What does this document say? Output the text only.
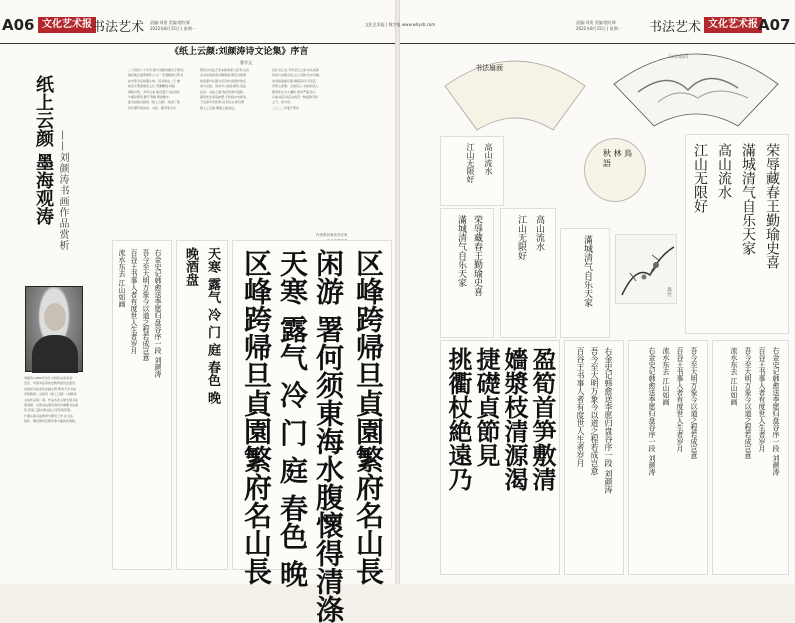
A06 文化艺术报 书法艺术 责编:刘贵 美编:殷红辉
2022年8月15日 | 星期一
纸上云颜 墨海观涛 ——刘颜涛书画作品赏析
刘颜涛,1962年出生,中国书法家协会
会员、中国书法家协会教育委员会委员,
河南省书法家协会副主席,郑州大学书法
学院教授。出版有《纸上云颜》《刘颜涛
书法作品集》等。作品多次入展全国书法
篆刻展、全国书法展及国内外重要书法展
览,获第三届中国书法兰亭奖等奖项。
长期从事书法教育与研究工作,在书法
创作、理论研究及教学等方面均有建树。
《纸上云颜:刘颜涛诗文论集》序言
曹学文
二十世纪八十年代,我与刘颜涛相识于郑州。
彼时他正值青春年少,以一手清雅的行草书
在中原书坛崭露头角。其书取法二王,兼
收宋元明清诸家之长,笔墨精到,风格
清新自然。多年以来,他沉潜于书法创作
与理论研究,勤于笔耕,著述颇丰。
此次结集出版的《纸上云颜》,收录了他
历年撰写的诗词、书论、随笔等文字,
既有对书法艺术本体的深入思考,也有
对书坛现象的冷静观察;既有对前贤
的追慕与礼赞,也有对自身创作的反
省与总结。读来令人如沐春风,受益
良多。书法之道,贵在传承与创新。
颜涛先生深谙此理,于传统中求新变,
于法度中见性情,其书其文,皆可谓
纸上之云颜,墨海之波涛也。
其论书之文,不作空泛之谈,多从具体
作品与实践出发,言之有物,切中肯綮。
诗词则清丽可诵,情真意切,可见其
学养之深厚。文如其人,书亦如其人,
颜涛先生为人谦和,治学严谨,待人
以诚,故其书其文皆有一种温润平和
之气。是为序。
二〇二二年夏于郑州
作者系河南省书法家

右金史记韩愈送李愿归盘谷序一段 刘颜涛
吾今至大明万象今以道之程若成岂意
百谷王书事人者有度世人生者岁月
流水东去 江山如画	天寒 露气 冷 门 庭 春色 晚
晚酒盘	区峰跨帰旦貞園繁府名山長
闲游 署何须東海水腹懷得清涤
天寒 露气 冷 门 庭 春色 晚
区峰跨帰旦貞園繁府名山長
责编:刘贵 美编:殷红辉
2022年8月15日 | 星期一 书法艺术 文化艺术报 A07
文化艺术报 | 数字报 www.whysb.com
书法扇面
山水扇面
高山流水
江山无限好	秋 林 鳥 語
荣辱藏春王勤瑜史喜
滿城清气自乐天家	高山流水
江山无限好	滿城清气自乐天家	墨竹
荣辱藏春王勤瑜史喜
滿城清气自乐天家
高山流水
江山无限好
盈筍首笋敷清
嬙漿枝清源渴
捷礎貞節見
挑衢杖絶遠乃	右金史记韩愈送李愿归盘谷序一段 刘颜涛
吾今至大明万象今以道之程若成岂意
百谷王书事人者有度世人生者岁月	吾今至大明万象今以道之程若成岂意
百谷王书事人者有度世人生者岁月
流水东去 江山如画
右金史记韩愈送李愿归盘谷序一段 刘颜涛	右金史记韩愈送李愿归盘谷序一段 刘颜涛
百谷王书事人者有度世人生者岁月
吾今至大明万象今以道之程若成岂意
流水东去 江山如画
